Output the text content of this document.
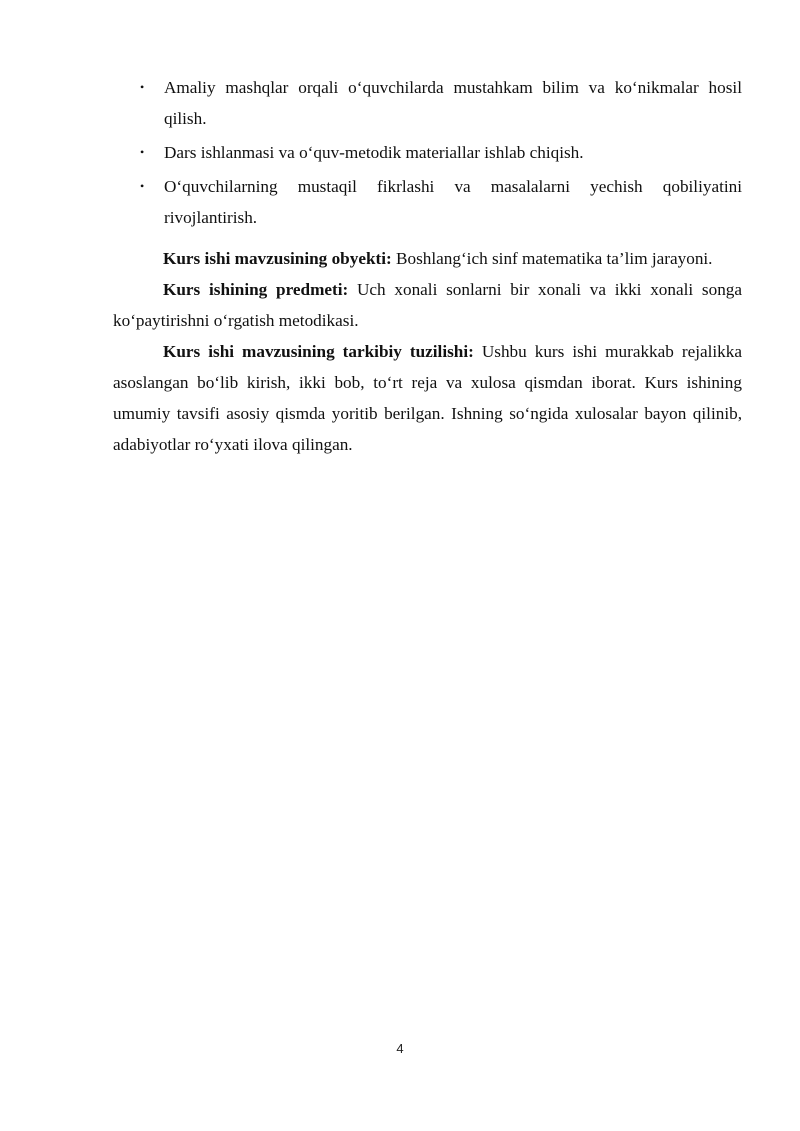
• Amaliy mashqlar orqali o‘quvchilarda mustahkam bilim va ko‘nikmalar hosil qilish.
• Dars ishlanmasi va o‘quv-metodik materiallar ishlab chiqish.
• O‘quvchilarning mustaqil fikrlashi va masalalarni yechish qobiliyatini rivojlantirish.

Kurs ishi mavzusining obyekti: Boshlang‘ich sinf matematika ta’lim jarayoni.

Kurs ishining predmeti: Uch xonali sonlarni bir xonali va ikki xonali songa ko‘paytirishni o‘rgatish metodikasi.

Kurs ishi mavzusining tarkibiy tuzilishi: Ushbu kurs ishi murakkab rejalikka asoslangan bo‘lib kirish, ikki bob, to‘rt reja va xulosa qismdan iborat. Kurs ishining umumiy tavsifi asosiy qismda yoritib berilgan. Ishning so‘ngida xulosalar bayon qilinib, adabiyotlar ro‘yxati ilova qilingan.

4
